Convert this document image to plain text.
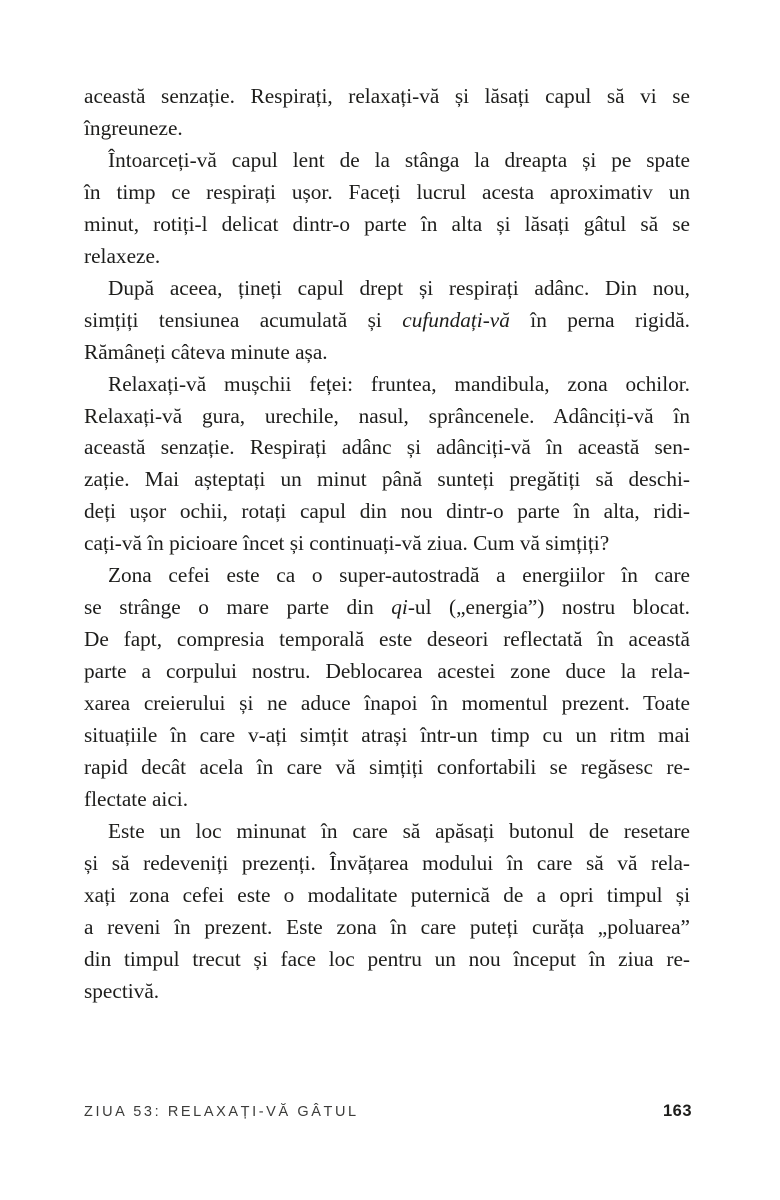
această senzație. Respirați, relaxați-vă și lăsați capul să vi se
îngreuneze.
Întoarceți-vă capul lent de la stânga la dreapta și pe spate
în timp ce respirați ușor. Faceți lucrul acesta aproximativ un
minut, rotiți-l delicat dintr-o parte în alta și lăsați gâtul să se
relaxeze.
După aceea, țineți capul drept și respirați adânc. Din nou,
simțiți tensiunea acumulată și cufundați-vă în perna rigidă.
Rămâneți câteva minute așa.
Relaxați-vă mușchii feței: fruntea, mandibula, zona ochilor.
Relaxați-vă gura, urechile, nasul, sprâncenele. Adânciți-vă în
această senzație. Respirați adânc și adânciți-vă în această sen-
zație. Mai așteptați un minut până sunteți pregătiți să deschi-
deți ușor ochii, rotați capul din nou dintr-o parte în alta, ridi-
cați-vă în picioare încet și continuați-vă ziua. Cum vă simțiți?
Zona cefei este ca o super-autostradă a energiilor în care
se strânge o mare parte din qi-ul („energia”) nostru blocat.
De fapt, compresia temporală este deseori reflectată în această
parte a corpului nostru. Deblocarea acestei zone duce la rela-
xarea creierului și ne aduce înapoi în momentul prezent. Toate
situațiile în care v-ați simțit atrași într-un timp cu un ritm mai
rapid decât acela în care vă simțiți confortabili se regăsesc re-
flectate aici.
Este un loc minunat în care să apăsați butonul de resetare
și să redeveniți prezenți. Învățarea modului în care să vă rela-
xați zona cefei este o modalitate puternică de a opri timpul și
a reveni în prezent. Este zona în care puteți curăța „poluarea”
din timpul trecut și face loc pentru un nou început în ziua re-
spectivă.
ZIUA 53: RELAXAȚI-VĂ GÂTUL	163
